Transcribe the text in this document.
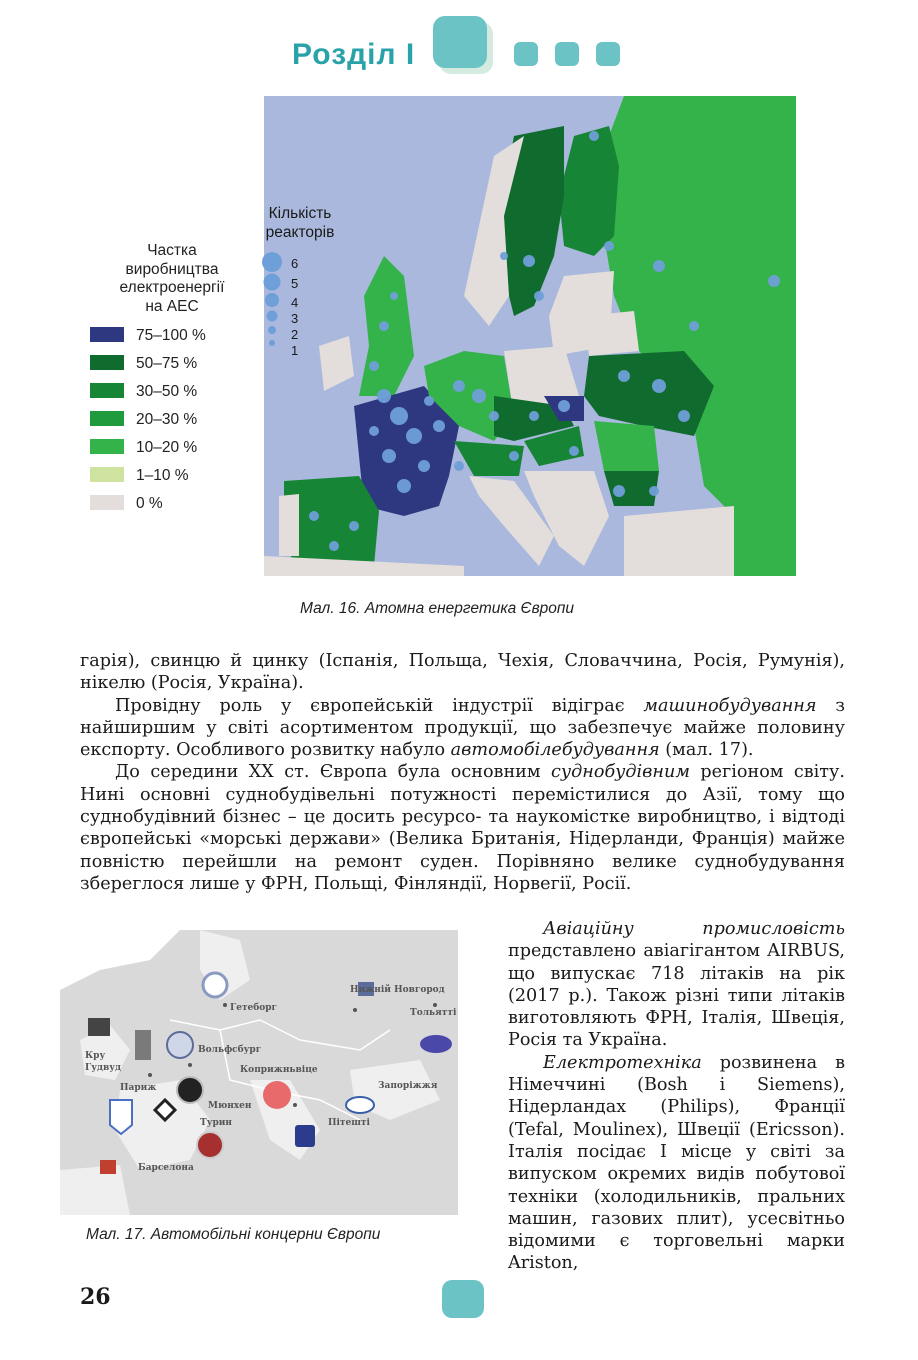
Розділ І
Частка
виробництва
електроенергії
на АЕС
75–100 %
50–75 %
30–50 %
20–30 %
10–20 %
1–10 %
0 %
Кількість
реакторів
6
5
4
3
2
1
Мал. 16. Атомна енергетика Європи

гарія), свинцю й цинку (Іспанія, Польща, Чехія, Словаччина, Росія, Румунія), нікелю (Росія, Україна).

Провідну роль у європейській індустрії відіграє машинобудування з найширшим у світі асортиментом продукції, що забезпечує майже половину експорту. Особливого розвитку набуло автомобілебудування (мал. 17).

До середини XX ст. Європа була основним суднобудівним регіоном світу. Нині основні суднобудівельні потужності перемістилися до Азії, тому що суднобудівний бізнес – це досить ресурсо- та наукомістке виробництво, і відтоді європейські «морські держави» (Велика Британія, Нідерланди, Франція) майже повністю перейшли на ремонт суден. Порівняно велике суднобудування збереглося лише у ФРН, Польщі, Фінляндії, Норвегії, Росії.

Авіаційну промисловість представлено авіагігантом AIRBUS, що випускає 718 літаків на рік (2017 р.). Також різні типи літаків виготовляють ФРН, Італія, Швеція, Росія та Україна.

Електротехніка розвинена в Німеччині (Bosh і Siemens), Нідерландах (Philips), Франції (Tefal, Moulinex), Швеції (Ericsson). Італія посідає І місце у світі за випуском окремих видів побутової техніки (холодильників, пральних машин, газових плит), усесвітньо відомими є торговельні марки Ariston,

Нижній Новгород
Гетеборг	Тольятті
Кру
Гудвуд
Вольфсбург
Париж
Коприжньвіце
Запоріжжя
Мюнхен
Пітешті
Турин
Барселона
Мал. 17. Автомобільні концерни Європи
26
